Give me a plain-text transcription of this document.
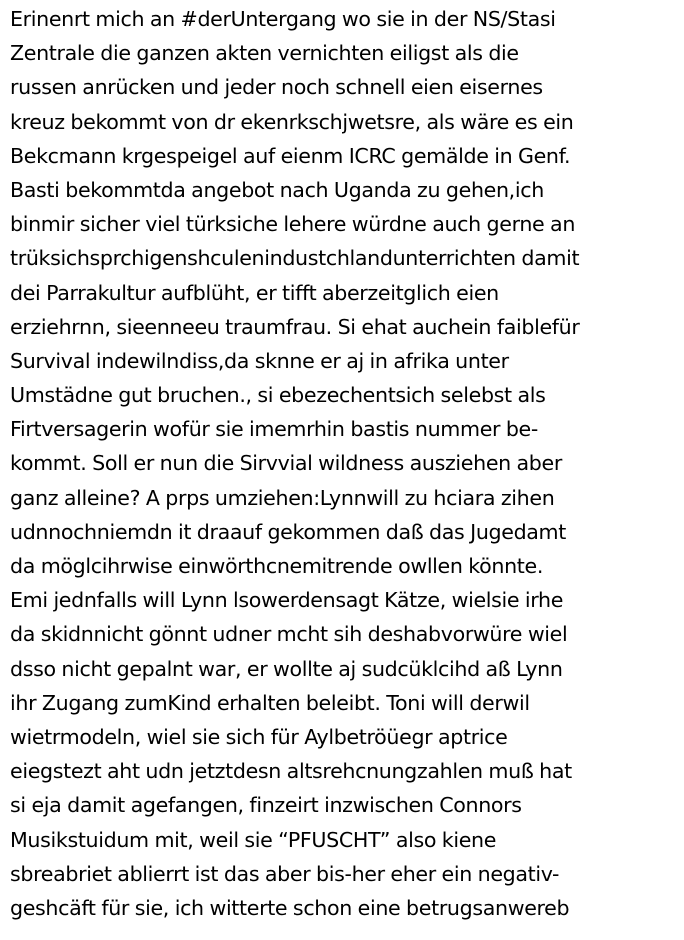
Erinenrt mich an #derUntergang wo sie in der NS/Stasi
Zentrale die ganzen akten vernichten eiligst als die
russen anrücken und jeder noch schnell eien eisernes
kreuz bekommt von dr ekenrkschjwetsre, als wäre es ein
Bekcmann krgespeigel auf eienm ICRC gemälde in Genf.
Basti bekommtda angebot nach Uganda zu gehen,ich
binmir sicher viel türksiche lehere würdne auch gerne an
trüksichsprchigenshculenindustchlandunterrichten damit
dei Parrakultur aufblüht, er tifft aberzeitglich eien
erziehrnn, sieenneeu traumfrau. Si ehat auchein faiblefür
Survival indewilndiss,da sknne er aj in afrika unter
Umstädne gut bruchen., si ebezechentsich selebst als
Firtversagerin wofür sie imemrhin bastis nummer be-
kommt. Soll er nun die Sirvvial wildness ausziehen aber
ganz alleine? A prps umziehen:Lynnwill zu hciara zihen
udnnochniemdn it draauf gekommen daß das Jugedamt
da möglcihrwise einwörthcnemitrende owllen könnte.
Emi jednfalls will Lynn lsowerdensagt Kätze, wielsie irhe
da skidnnicht gönnt udner mcht sih deshabvorwüre wiel
dsso nicht gepalnt war, er wollte aj sudcüklcihd aß Lynn
ihr Zugang zumKind erhalten beleibt. Toni will derwil
wietrmodeln, wiel sie sich für Aylbetröüegr aptrice
eiegstezt aht udn jetztdesn altsrehcnungzahlen muß hat
si eja damit agefangen, finzeirt inzwischen Connors
Musikstuidum mit, weil sie “PFUSCHT” also kiene
sbreabriet ablierrt ist das aber bis-her eher ein negativ-
geshcäft für sie, ich witterte schon eine betrugsanwereb
